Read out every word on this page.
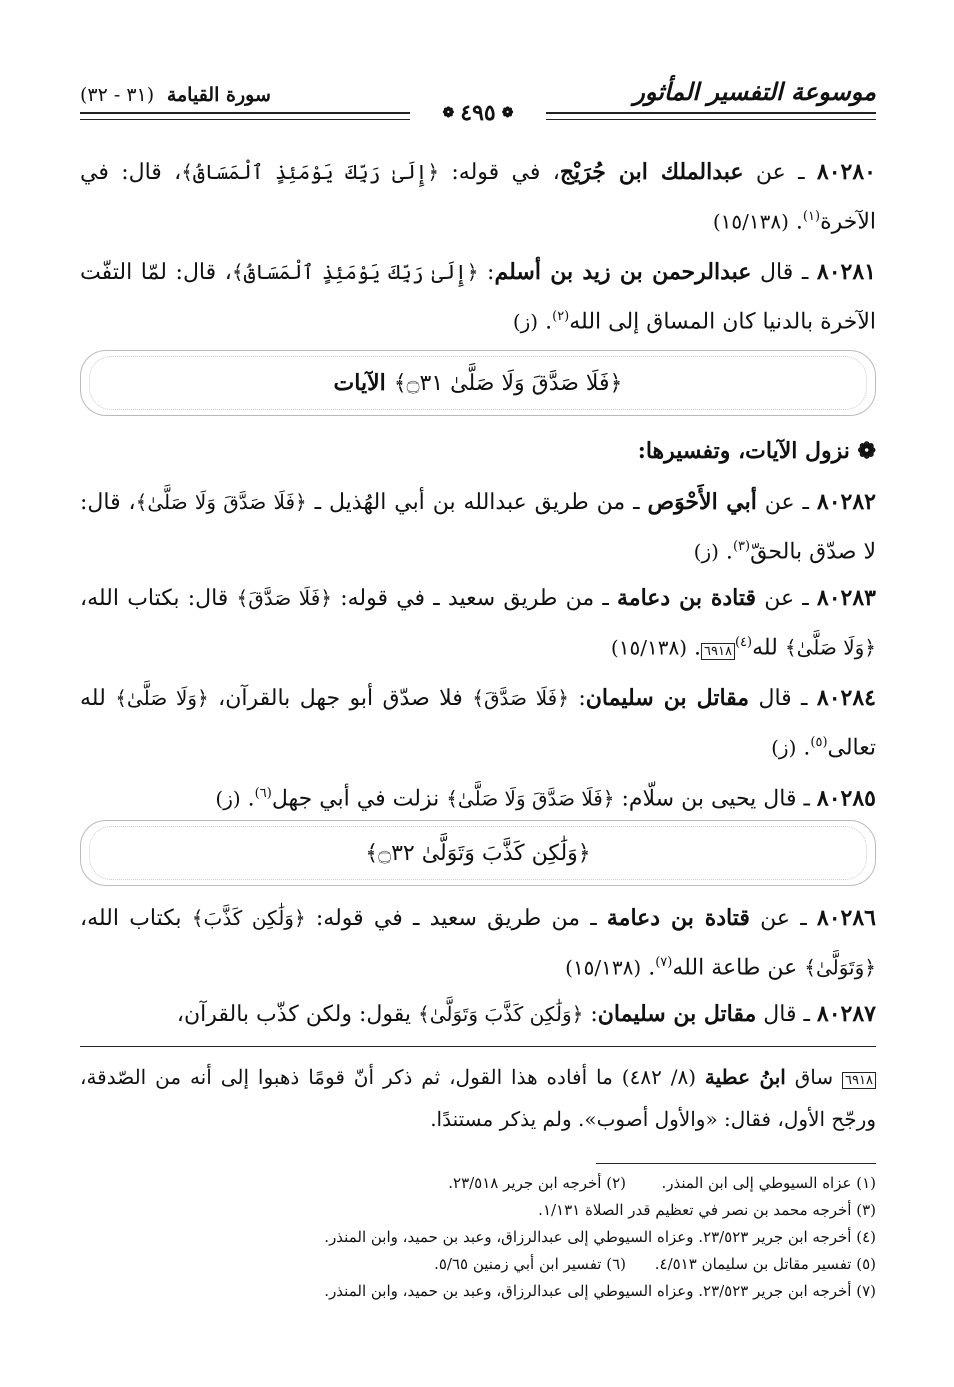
سورة القيامة (٣١ - ٣٢)	موسوعة التفسير المأثور
❁
٤٩٥
❁
٨٠٢٨٠ ـ عن عبدالملك ابن جُرَيْج، في قوله: ﴿إِلَىٰ رَبِّكَ يَوْمَئِذٍ ٱلْمَسَاقُ﴾، قال: في الآخرة$^{(١)}$. (١٥/١٣٨)
٨٠٢٨١ ـ قال عبدالرحمن بن زيد بن أسلم: ﴿إِلَىٰ رَبِّكَ يَوْمَئِذٍ ٱلْمَسَاقُ﴾، قال: لمّا التفّت الآخرة بالدنيا كان المساق إلى الله$^{(٢)}$. (ز)
﴿فَلَا صَدَّقَ وَلَا صَلَّىٰ ۝٣١﴾
الآيات
❁ نزول الآيات، وتفسيرها:
٨٠٢٨٢ ـ عن أبي الأَحْوَص ـ من طريق عبدالله بن أبي الهُذيل ـ ﴿فَلَا صَدَّقَ وَلَا صَلَّىٰ﴾، قال: لا صدّق بالحقّ$^{(٣)}$. (ز)
٨٠٢٨٣ ـ عن قتادة بن دعامة ـ من طريق سعيد ـ في قوله: ﴿فَلَا صَدَّقَ﴾ قال: بكتاب الله، ﴿وَلَا صَلَّىٰ﴾ لله$^{(٤)}$٦٩١٨. (١٥/١٣٨)
٨٠٢٨٤ ـ قال مقاتل بن سليمان: ﴿فَلَا صَدَّقَ﴾ فلا صدّق أبو جهل بالقرآن، ﴿وَلَا صَلَّىٰ﴾ لله تعالى$^{(٥)}$. (ز)
٨٠٢٨٥ ـ قال يحيى بن سلّام: ﴿فَلَا صَدَّقَ وَلَا صَلَّىٰ﴾ نزلت في أبي جهل$^{(٦)}$. (ز)
﴿وَلَٰكِن كَذَّبَ وَتَوَلَّىٰ ۝٣٢﴾
٨٠٢٨٦ ـ عن قتادة بن دعامة ـ من طريق سعيد ـ في قوله: ﴿وَلَٰكِن كَذَّبَ﴾ بكتاب الله، ﴿وَتَوَلَّىٰ﴾ عن طاعة الله$^{(٧)}$. (١٥/١٣٨)
٨٠٢٨٧ ـ قال مقاتل بن سليمان: ﴿وَلَٰكِن كَذَّبَ وَتَوَلَّىٰ﴾ يقول: ولكن كذّب بالقرآن،
٦٩١٨ ساق ابنُ عطية (٨/ ٤٨٢) ما أفاده هذا القول، ثم ذكر أنّ قومًا ذهبوا إلى أنه من الصّدقة، ورجّح الأول، فقال: «والأول أصوب». ولم يذكر مستندًا.
(١) عزاه السيوطي إلى ابن المنذر.
(٢) أخرجه ابن جرير ٢٣/٥١٨.
(٣) أخرجه محمد بن نصر في تعظيم قدر الصلاة ١/١٣١.
(٤) أخرجه ابن جرير ٢٣/٥٢٣. وعزاه السيوطي إلى عبدالرزاق، وعبد بن حميد، وابن المنذر.
(٥) تفسير مقاتل بن سليمان ٤/٥١٣.
(٦) تفسير ابن أبي زمنين ٥/٦٥.
(٧) أخرجه ابن جرير ٢٣/٥٢٣. وعزاه السيوطي إلى عبدالرزاق، وعبد بن حميد، وابن المنذر.
